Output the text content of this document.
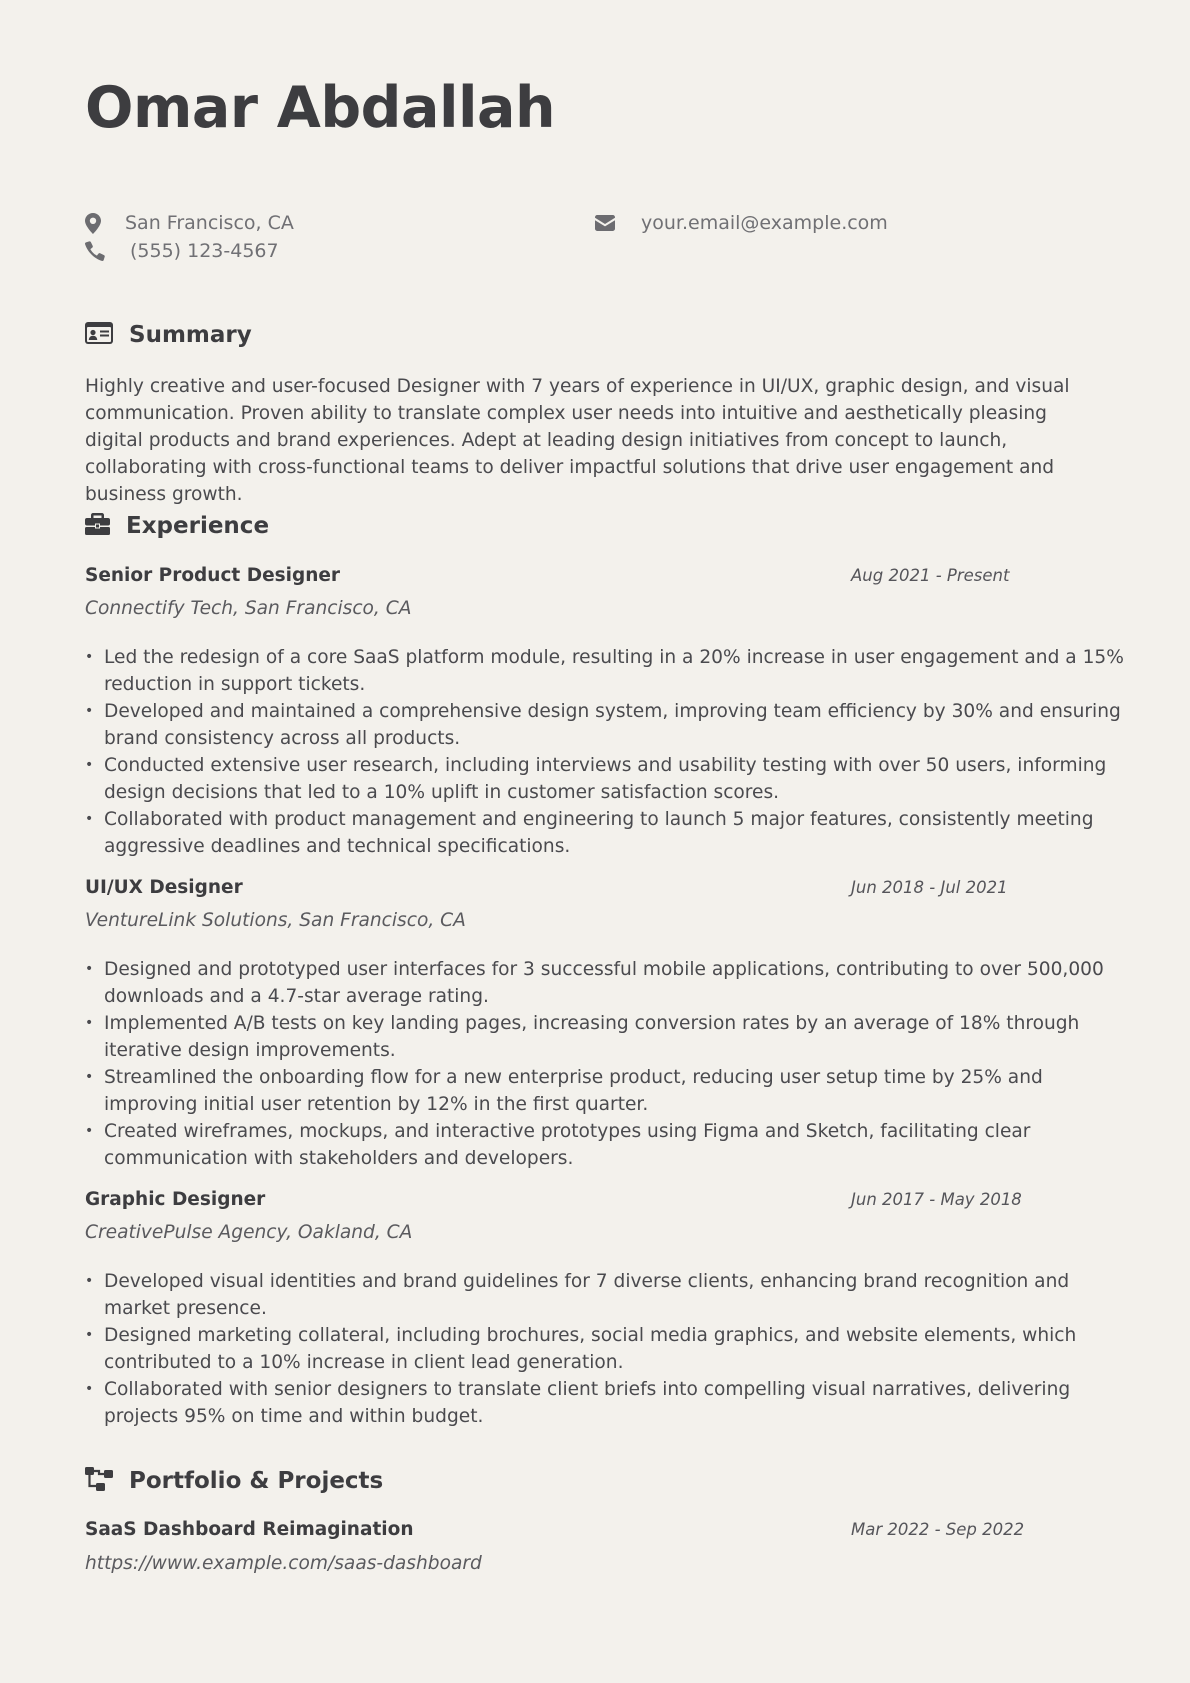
Omar Abdallah
San Francisco, CA
(555) 123-4567
your.email@example.com
Summary

Highly creative and user-focused Designer with 7 years of experience in UI/UX, graphic design, and visual communication. Proven ability to translate complex user needs into intuitive and aesthetically pleasing digital products and brand experiences. Adept at leading design initiatives from concept to launch, collaborating with cross-functional teams to deliver impactful solutions that drive user engagement and business growth.

Experience
Senior Product Designer	Aug 2021 - Present
Connectify Tech, San Francisco, CA
• Led the redesign of a core SaaS platform module, resulting in a 20% increase in user engagement and a 15% reduction in support tickets.
• Developed and maintained a comprehensive design system, improving team efficiency by 30% and ensuring brand consistency across all products.
• Conducted extensive user research, including interviews and usability testing with over 50 users, informing design decisions that led to a 10% uplift in customer satisfaction scores.
• Collaborated with product management and engineering to launch 5 major features, consistently meeting aggressive deadlines and technical specifications.
UI/UX Designer	Jun 2018 - Jul 2021
VentureLink Solutions, San Francisco, CA
• Designed and prototyped user interfaces for 3 successful mobile applications, contributing to over 500,000 downloads and a 4.7-star average rating.
• Implemented A/B tests on key landing pages, increasing conversion rates by an average of 18% through iterative design improvements.
• Streamlined the onboarding flow for a new enterprise product, reducing user setup time by 25% and improving initial user retention by 12% in the first quarter.
• Created wireframes, mockups, and interactive prototypes using Figma and Sketch, facilitating clear communication with stakeholders and developers.
Graphic Designer	Jun 2017 - May 2018
CreativePulse Agency, Oakland, CA
• Developed visual identities and brand guidelines for 7 diverse clients, enhancing brand recognition and market presence.
• Designed marketing collateral, including brochures, social media graphics, and website elements, which contributed to a 10% increase in client lead generation.
• Collaborated with senior designers to translate client briefs into compelling visual narratives, delivering projects 95% on time and within budget.
Portfolio & Projects
SaaS Dashboard Reimagination	Mar 2022 - Sep 2022
https://www.example.com/saas-dashboard
